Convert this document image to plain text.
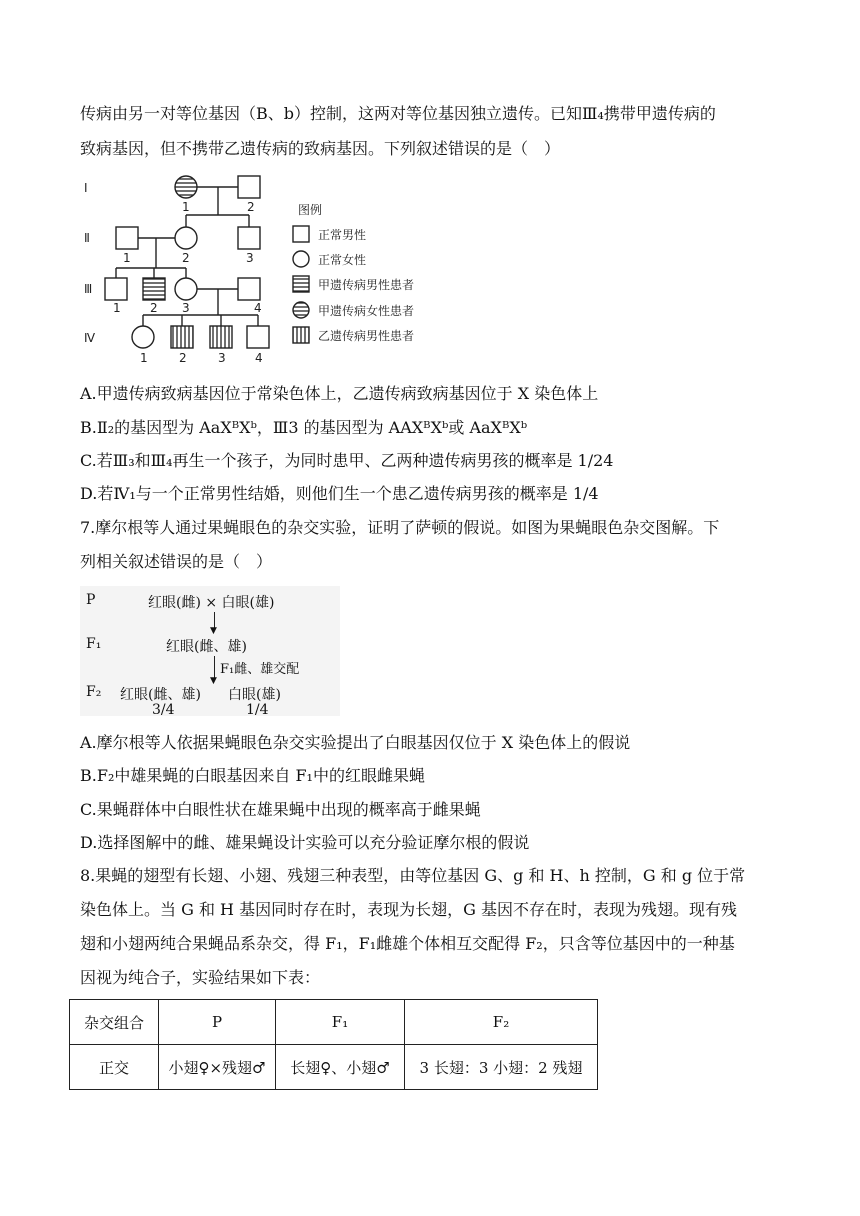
传病由另一对等位基因（B、b）控制，这两对等位基因独立遗传。已知Ⅲ₄携带甲遗传病的
致病基因，但不携带乙遗传病的致病基因。下列叙述错误的是（　）
Ⅰ
Ⅱ
Ⅲ
Ⅳ
1	2
1	2	3
1 2 3	4
1	2	3 4
图例
正常男性
正常女性
甲遗传病男性患者
甲遗传病女性患者
乙遗传病男性患者
A.甲遗传病致病基因位于常染色体上，乙遗传病致病基因位于 X 染色体上
B.Ⅱ₂的基因型为 AaXᴮXᵇ，Ⅲ3 的基因型为 AAXᴮXᵇ或 AaXᴮXᵇ
C.若Ⅲ₃和Ⅲ₄再生一个孩子，为同时患甲、乙两种遗传病男孩的概率是 1/24
D.若Ⅳ₁与一个正常男性结婚，则他们生一个患乙遗传病男孩的概率是 1/4
7.摩尔根等人通过果蝇眼色的杂交实验，证明了萨顿的假说。如图为果蝇眼色杂交图解。下
列相关叙述错误的是（　）
P	红眼(雌) × 白眼(雄)
▼
F₁	红眼(雌、雄)
▼
F₁雌、雄交配
F₂ 红眼(雌、雄) 白眼(雄)
3/4	1/4
A.摩尔根等人依据果蝇眼色杂交实验提出了白眼基因仅位于 X 染色体上的假说
B.F₂中雄果蝇的白眼基因来自 F₁中的红眼雌果蝇
C.果蝇群体中白眼性状在雄果蝇中出现的概率高于雌果蝇
D.选择图解中的雌、雄果蝇设计实验可以充分验证摩尔根的假说
8.果蝇的翅型有长翅、小翅、残翅三种表型，由等位基因 G、g 和 H、h 控制，G 和 g 位于常
染色体上。当 G 和 H 基因同时存在时，表现为长翅，G 基因不存在时，表现为残翅。现有残
翅和小翅两纯合果蝇品系杂交，得 F₁，F₁雌雄个体相互交配得 F₂，只含等位基因中的一种基
因视为纯合子，实验结果如下表：
杂交组合	P	F₁	F₂
正交	小翅♀×残翅♂	长翅♀、小翅♂	3 长翅：3 小翅：2 残翅
